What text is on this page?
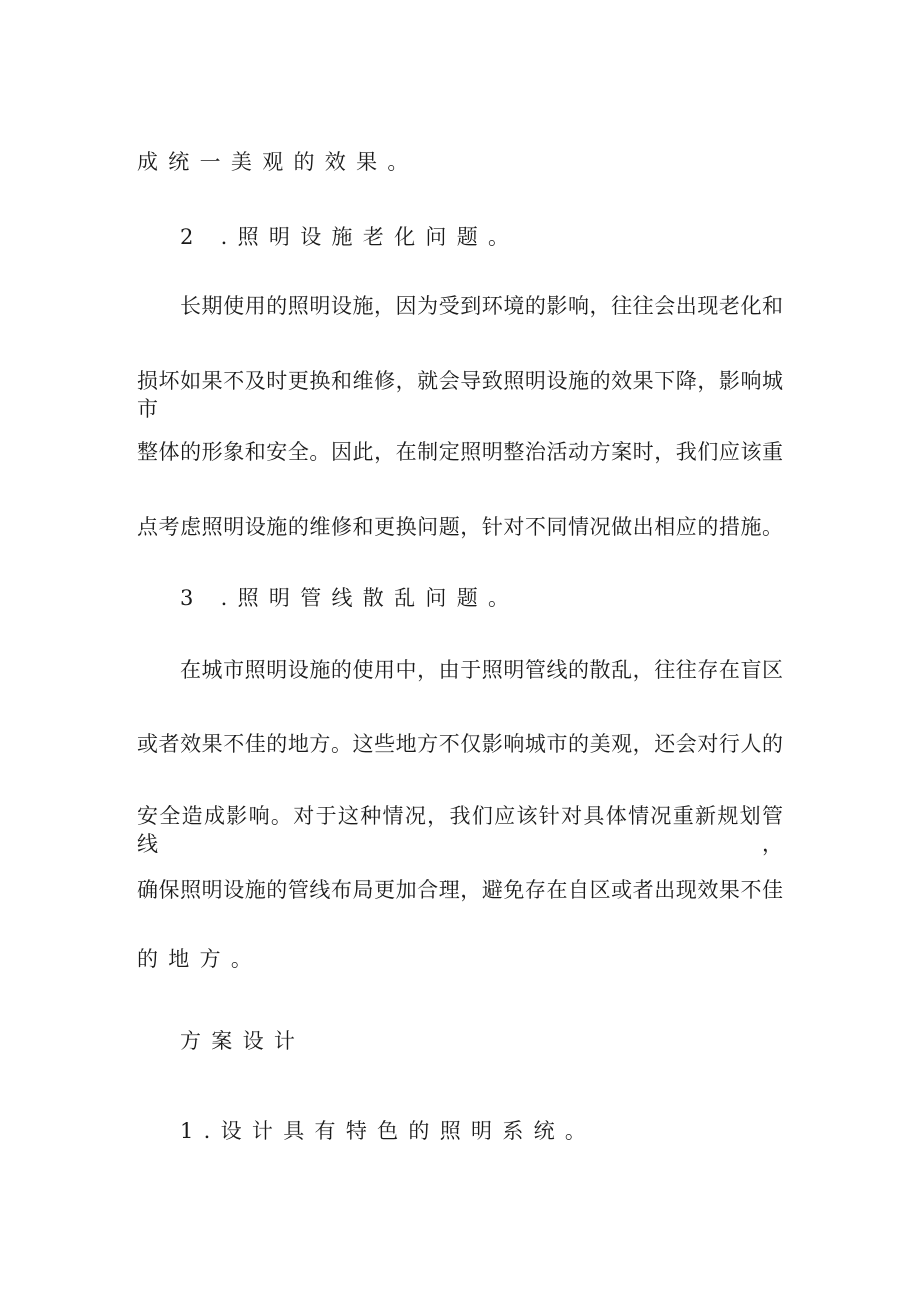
成统一美观的效果。
2 .照明设施老化问题。
长期使用的照明设施，因为受到环境的影响，往往会出现老化和
损坏如果不及时更换和维修，就会导致照明设施的效果下降，影响城市
整体的形象和安全。因此，在制定照明整治活动方案时，我们应该重
点考虑照明设施的维修和更换问题，针对不同情况做出相应的措施。
3 .照明管线散乱问题。
在城市照明设施的使用中，由于照明管线的散乱，往往存在盲区
或者效果不佳的地方。这些地方不仅影响城市的美观，还会对行人的
安全造成影响。对于这种情况，我们应该针对具体情况重新规划管线，
确保照明设施的管线布局更加合理，避免存在自区或者出现效果不佳
的地方。
方案设计
1.设计具有特色的照明系统。
